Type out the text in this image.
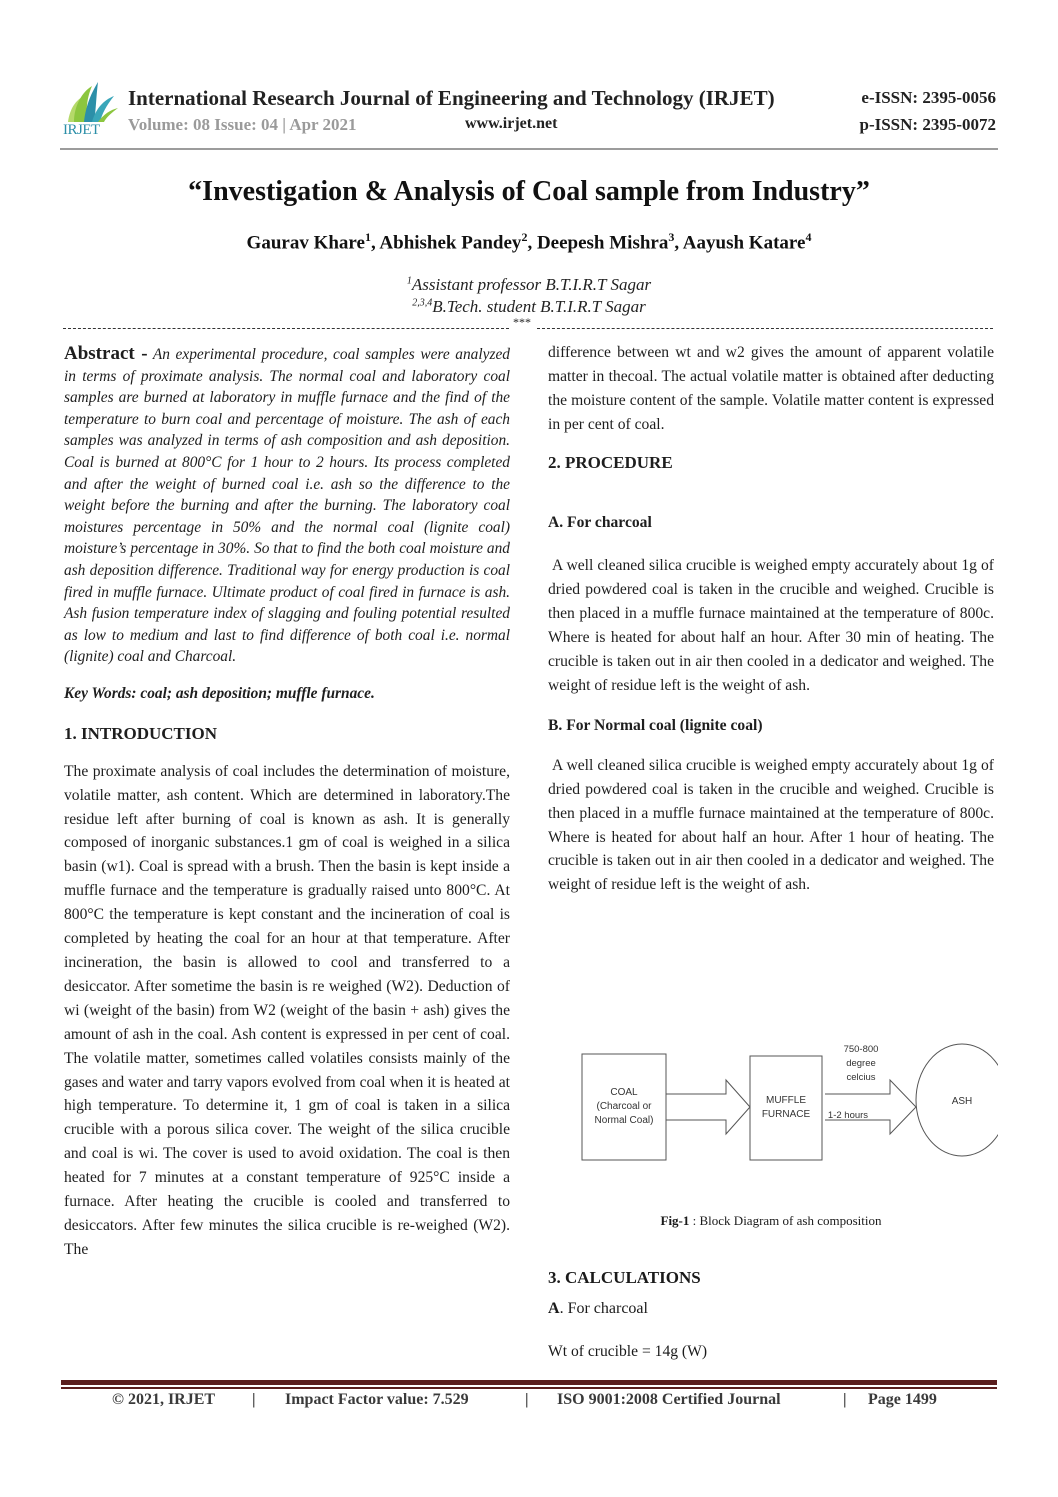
IRJET
International Research Journal of Engineering and Technology (IRJET)
Volume: 08 Issue: 04 | Apr 2021	www.irjet.net
e-ISSN: 2395-0056
p-ISSN: 2395-0072
“Investigation & Analysis of Coal sample from Industry”
Gaurav Khare$^1$, Abhishek Pandey$^2$, Deepesh Mishra$^3$, Aayush Katare$^4$
$^1$Assistant professor B.T.I.R.T Sagar
$^{2,3,4}$B.Tech. student B.T.I.R.T Sagar
***
Abstract - An experimental procedure, coal samples were analyzed in terms of proximate analysis. The normal coal and laboratory coal samples are burned at laboratory in muffle furnace and the find of the temperature to burn coal and percentage of moisture. The ash of each samples was analyzed in terms of ash composition and ash deposition. Coal is burned at 800°C for 1 hour to 2 hours. Its process completed and after the weight of burned coal i.e. ash so the difference to the weight before the burning and after the burning. The laboratory coal moistures percentage in 50% and the normal coal (lignite coal) moisture’s percentage in 30%. So that to find the both coal moisture and ash deposition difference. Traditional way for energy production is coal fired in muffle furnace. Ultimate product of coal fired in furnace is ash. Ash fusion temperature index of slagging and fouling potential resulted as low to medium and last to find difference of both coal i.e. normal (lignite) coal and Charcoal.
Key Words: coal; ash deposition; muffle furnace.
1. INTRODUCTION

The proximate analysis of coal includes the determination of moisture, volatile matter, ash content. Which are determined in laboratory.The residue left after burning of coal is known as ash. It is generally composed of inorganic substances.1 gm of coal is weighed in a silica basin (w1). Coal is spread with a brush. Then the basin is kept inside a muffle furnace and the temperature is gradually raised unto 800°C. At 800°C the temperature is kept constant and the incineration of coal is completed by heating the coal for an hour at that temperature. After incineration, the basin is allowed to cool and transferred to a desiccator. After sometime the basin is re weighed (W2). Deduction of wi (weight of the basin) from W2 (weight of the basin + ash) gives the amount of ash in the coal. Ash content is expressed in per cent of coal. The volatile matter, sometimes called volatiles consists mainly of the gases and water and tarry vapors evolved from coal when it is heated at high temperature. To determine it, 1 gm of coal is taken in a silica crucible with a porous silica cover. The weight of the silica crucible and coal is wi. The cover is used to avoid oxidation. The coal is then heated for 7 minutes at a constant temperature of 925°C inside a furnace. After heating the crucible is cooled and transferred to desiccators. After few minutes the silica crucible is re-weighed (W2). The

difference between wt and w2 gives the amount of apparent volatile matter in thecoal. The actual volatile matter is obtained after deducting the moisture content of the sample. Volatile matter content is expressed in per cent of coal.

2. PROCEDURE
A. For charcoal

A well cleaned silica crucible is weighed empty accurately about 1g of dried powdered coal is taken in the crucible and weighed. Crucible is then placed in a muffle furnace maintained at the temperature of 800c. Where is heated for about half an hour. After 30 min of heating. The crucible is taken out in air then cooled in a dedicator and weighed. The weight of residue left is the weight of ash.

B. For Normal coal (lignite coal)

A well cleaned silica crucible is weighed empty accurately about 1g of dried powdered coal is taken in the crucible and weighed. Crucible is then placed in a muffle furnace maintained at the temperature of 800c. Where is heated for about half an hour. After 1 hour of heating. The crucible is taken out in air then cooled in a dedicator and weighed. The weight of residue left is the weight of ash.

COAL
(Charcoal or
Normal Coal)
MUFFLE
FURNACE
750-800
degree
celcius
1-2 hours
ASH
Fig-1 : Block Diagram of ash composition
3. CALCULATIONS
A. For charcoal
Wt of crucible = 14g (W)
© 2021, IRJET | Impact Factor value: 7.529	| ISO 9001:2008 Certified Journal	| Page 1499
